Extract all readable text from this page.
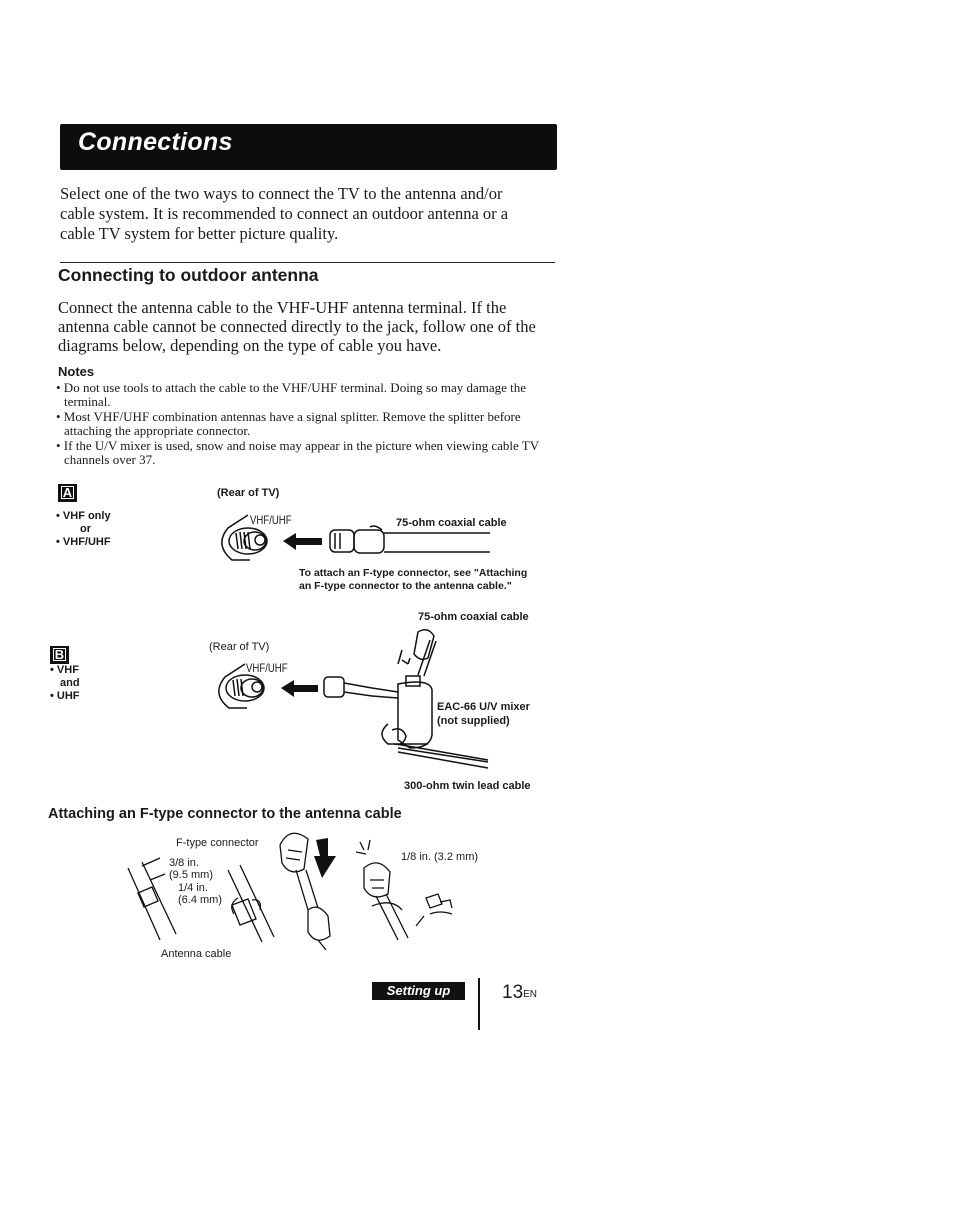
Connections
Select one of the two ways to connect the TV to the antenna and/or cable system. It is recommended to connect an outdoor antenna or a cable TV system for better picture quality.
Connecting to outdoor antenna
Connect the antenna cable to the VHF-UHF antenna terminal. If the antenna cable cannot be connected directly to the jack, follow one of the diagrams below, depending on the type of cable you have.
Notes
• Do not use tools to attach the cable to the VHF/UHF terminal. Doing so may damage the terminal.
• Most VHF/UHF combination antennas have a signal splitter. Remove the splitter before attaching the appropriate connector.
• If the U/V mixer is used, snow and noise may appear in the picture when viewing cable TV channels over 37.
A
• VHF only
or
• VHF/UHF
(Rear of TV)
VHF/UHF	75-ohm coaxial cable
To attach an F-type connector, see "Attaching
an F-type connector to the antenna cable."
75-ohm coaxial cable
B
• VHF
and
• UHF
(Rear of TV)
VHF/UHF
EAC-66 U/V mixer
(not supplied)
300-ohm twin lead cable
Attaching an F-type connector to the antenna cable
F-type connector
3/8 in.
(9.5 mm)
1/4 in.
(6.4 mm)
1/8 in. (3.2 mm)
Antenna cable
Setting up	$13_{EN}$
